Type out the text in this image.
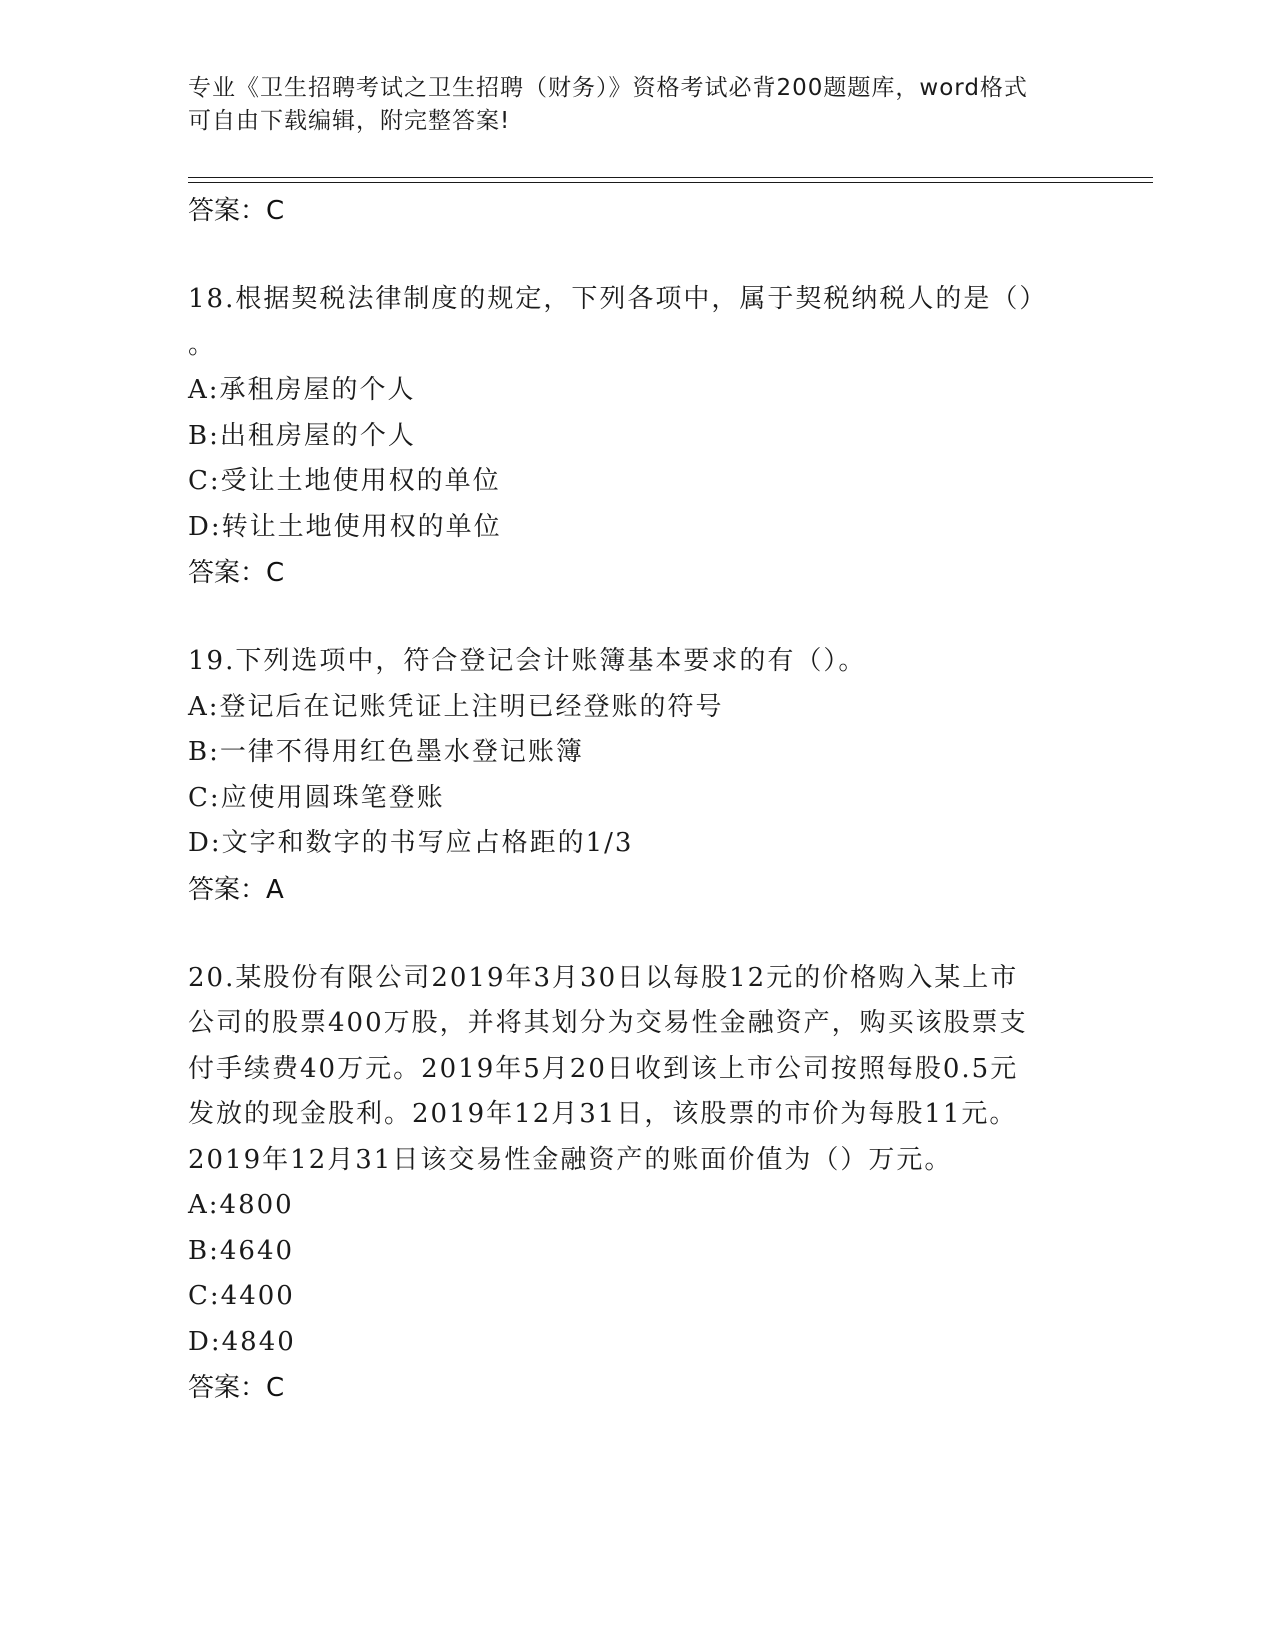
专业《卫生招聘考试之卫生招聘（财务）》资格考试必背200题题库，word格式
可自由下载编辑，附完整答案!
答案：C

18.根据契税法律制度的规定，下列各项中，属于契税纳税人的是（）

。

A:承租房屋的个人
B:出租房屋的个人
C:受让土地使用权的单位
D:转让土地使用权的单位
答案：C

19.下列选项中，符合登记会计账簿基本要求的有（）。

A:登记后在记账凭证上注明已经登账的符号
B:一律不得用红色墨水登记账簿
C:应使用圆珠笔登账
D:文字和数字的书写应占格距的1/3
答案：A

20.某股份有限公司2019年3月30日以每股12元的价格购入某上市

公司的股票400万股，并将其划分为交易性金融资产，购买该股票支

付手续费40万元。2019年5月20日收到该上市公司按照每股0.5元

发放的现金股利。2019年12月31日，该股票的市价为每股11元。

2019年12月31日该交易性金融资产的账面价值为（）万元。

A:4800
B:4640
C:4400
D:4840
答案：C
